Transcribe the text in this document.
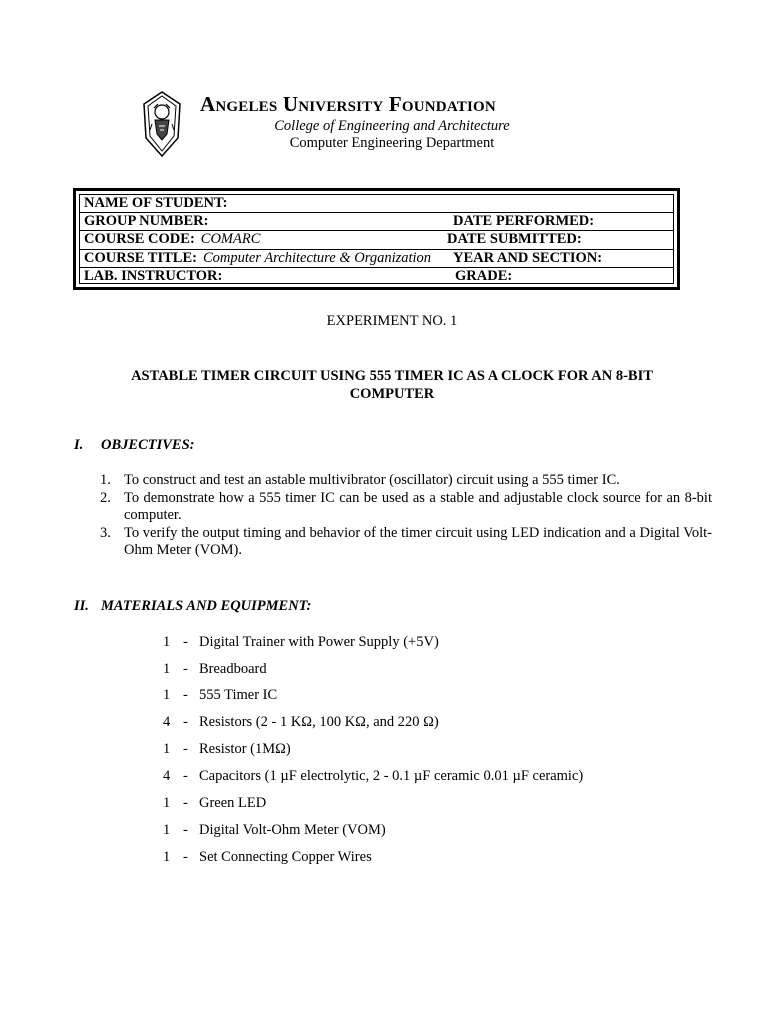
Angeles University Foundation
College of Engineering and Architecture
Computer Engineering Department
NAME OF STUDENT:
GROUP NUMBER:	DATE PERFORMED:
COURSE CODE: COMARC	DATE SUBMITTED:
COURSE TITLE: Computer Architecture & Organization YEAR AND SECTION:
LAB. INSTRUCTOR:	GRADE:
EXPERIMENT NO. 1
ASTABLE TIMER CIRCUIT USING 555 TIMER IC AS A CLOCK FOR AN 8-BIT COMPUTER
I. OBJECTIVES:
1. To construct and test an astable multivibrator (oscillator) circuit using a 555 timer IC.
2. To demonstrate how a 555 timer IC can be used as a stable and adjustable clock source for an 8-bit computer.
3. To verify the output timing and behavior of the timer circuit using LED indication and a Digital Volt-Ohm Meter (VOM).
II. MATERIALS AND EQUIPMENT:
1 - Digital Trainer with Power Supply (+5V)
1 - Breadboard
1 - 555 Timer IC
4 - Resistors (2 - 1 KΩ, 100 KΩ, and 220 Ω)
1 - Resistor (1MΩ)
4 - Capacitors (1 µF electrolytic, 2 - 0.1 µF ceramic 0.01 µF ceramic)
1 - Green LED
1 - Digital Volt-Ohm Meter (VOM)
1 - Set Connecting Copper Wires
